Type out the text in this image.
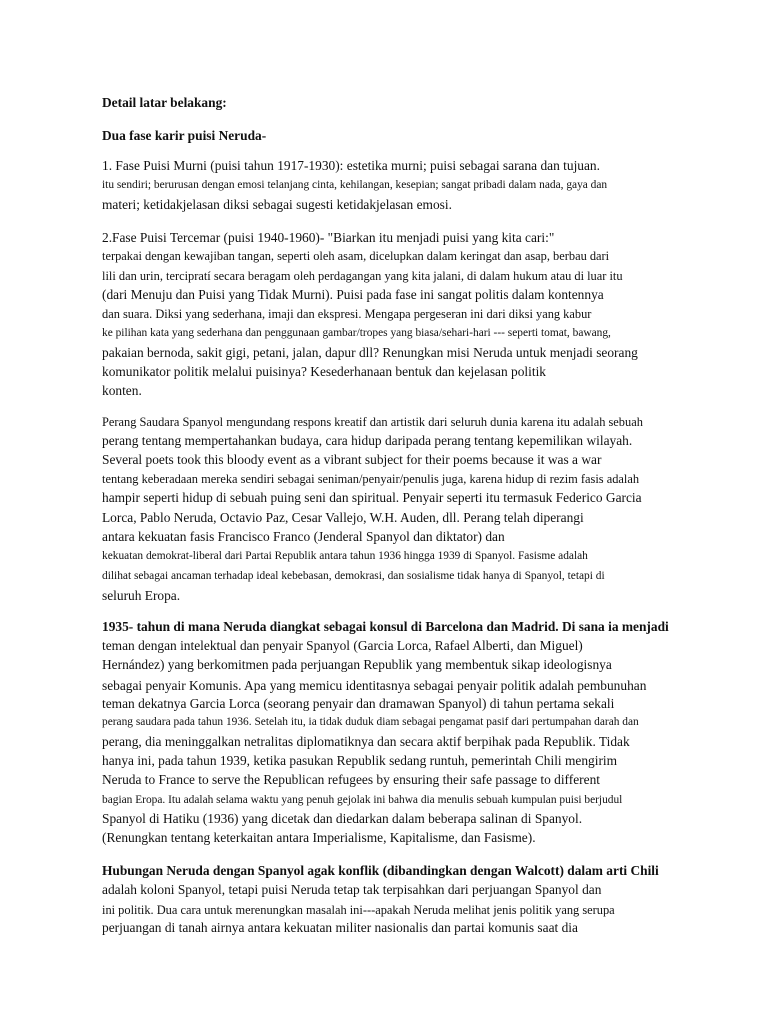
Detail latar belakang:
Dua fase karir puisi Neruda-
1. Fase Puisi Murni (puisi tahun 1917-1930): estetika murni; puisi sebagai sarana dan tujuan.
itu sendiri; berurusan dengan emosi telanjang cinta, kehilangan, kesepian; sangat pribadi dalam nada, gaya dan
materi; ketidakjelasan diksi sebagai sugesti ketidakjelasan emosi.
2.Fase Puisi Tercemar (puisi 1940-1960)- "Biarkan itu menjadi puisi yang kita cari:"
terpakai dengan kewajiban tangan, seperti oleh asam, dicelupkan dalam keringat dan asap, berbau dari
lili dan urin, tercipratí secara beragam oleh perdagangan yang kita jalani, di dalam hukum atau di luar itu
(dari Menuju dan Puisi yang Tidak Murni). Puisi pada fase ini sangat politis dalam kontennya
dan suara. Diksi yang sederhana, imaji dan ekspresi. Mengapa pergeseran ini dari diksi yang kabur
ke pilihan kata yang sederhana dan penggunaan gambar/tropes yang biasa/sehari-hari --- seperti tomat, bawang,
pakaian bernoda, sakit gigi, petani, jalan, dapur dll? Renungkan misi Neruda untuk menjadi seorang
komunikator politik melalui puisinya? Kesederhanaan bentuk dan kejelasan politik
konten.
Perang Saudara Spanyol mengundang respons kreatif dan artistik dari seluruh dunia karena itu adalah sebuah
perang tentang mempertahankan budaya, cara hidup daripada perang tentang kepemilikan wilayah.
Several poets took this bloody event as a vibrant subject for their poems because it was a war
tentang keberadaan mereka sendiri sebagai seniman/penyair/penulis juga, karena hidup di rezim fasis adalah
hampir seperti hidup di sebuah puing seni dan spiritual. Penyair seperti itu termasuk Federico Garcia
Lorca, Pablo Neruda, Octavio Paz, Cesar Vallejo, W.H. Auden, dll. Perang telah diperangi
antara kekuatan fasis Francisco Franco (Jenderal Spanyol dan diktator) dan
kekuatan demokrat-liberal dari Partai Republik antara tahun 1936 hingga 1939 di Spanyol. Fasisme adalah
dilihat sebagai ancaman terhadap ideal kebebasan, demokrasi, dan sosialisme tidak hanya di Spanyol, tetapi di
seluruh Eropa.
1935- tahun di mana Neruda diangkat sebagai konsul di Barcelona dan Madrid. Di sana ia menjadi
teman dengan intelektual dan penyair Spanyol (Garcia Lorca, Rafael Alberti, dan Miguel)
Hernández) yang berkomitmen pada perjuangan Republik yang membentuk sikap ideologisnya
sebagai penyair Komunis. Apa yang memicu identitasnya sebagai penyair politik adalah pembunuhan
teman dekatnya Garcia Lorca (seorang penyair dan dramawan Spanyol) di tahun pertama sekali
perang saudara pada tahun 1936. Setelah itu, ia tidak duduk diam sebagai pengamat pasif dari pertumpahan darah dan
perang, dia meninggalkan netralitas diplomatiknya dan secara aktif berpihak pada Republik. Tidak
hanya ini, pada tahun 1939, ketika pasukan Republik sedang runtuh, pemerintah Chili mengirim
Neruda to France to serve the Republican refugees by ensuring their safe passage to different
bagian Eropa. Itu adalah selama waktu yang penuh gejolak ini bahwa dia menulis sebuah kumpulan puisi berjudul
Spanyol di Hatiku (1936) yang dicetak dan diedarkan dalam beberapa salinan di Spanyol.
(Renungkan tentang keterkaitan antara Imperialisme, Kapitalisme, dan Fasisme).
Hubungan Neruda dengan Spanyol agak konflik (dibandingkan dengan Walcott) dalam arti Chili
adalah koloni Spanyol, tetapi puisi Neruda tetap tak terpisahkan dari perjuangan Spanyol dan
ini politik. Dua cara untuk merenungkan masalah ini---apakah Neruda melihat jenis politik yang serupa
perjuangan di tanah airnya antara kekuatan militer nasionalis dan partai komunis saat dia
